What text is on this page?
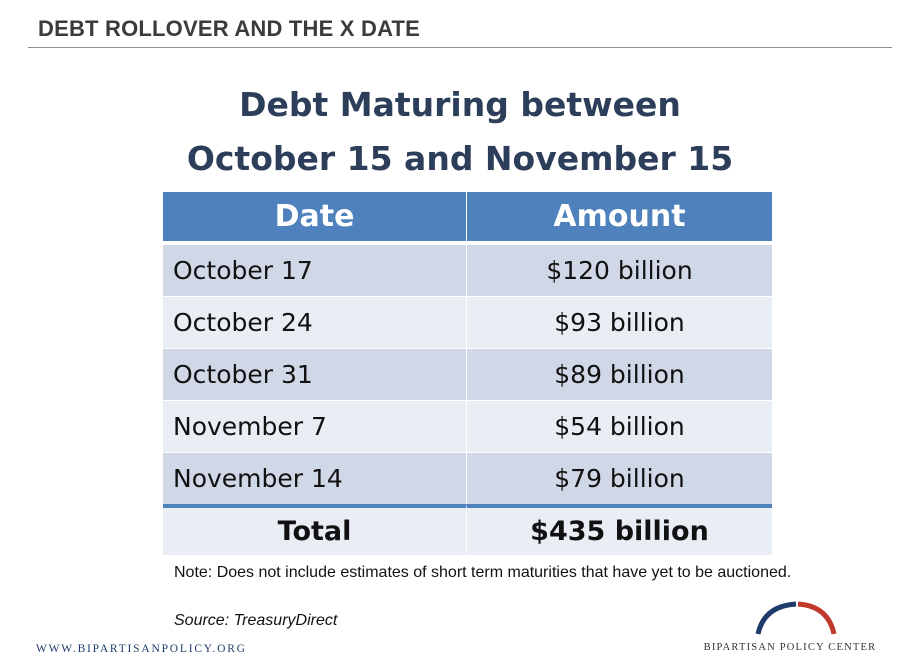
DEBT ROLLOVER AND THE X DATE
Debt Maturing between
October 15 and November 15
Date	Amount
October 17	$120 billion
October 24	$93 billion
October 31	$89 billion
November 7	$54 billion
November 14	$79 billion
Total	$435 billion
Note: Does not include estimates of short term maturities that have yet to be auctioned.
Source: TreasuryDirect
WWW.BIPARTISANPOLICY.ORG	BIPARTISAN POLICY CENTER
